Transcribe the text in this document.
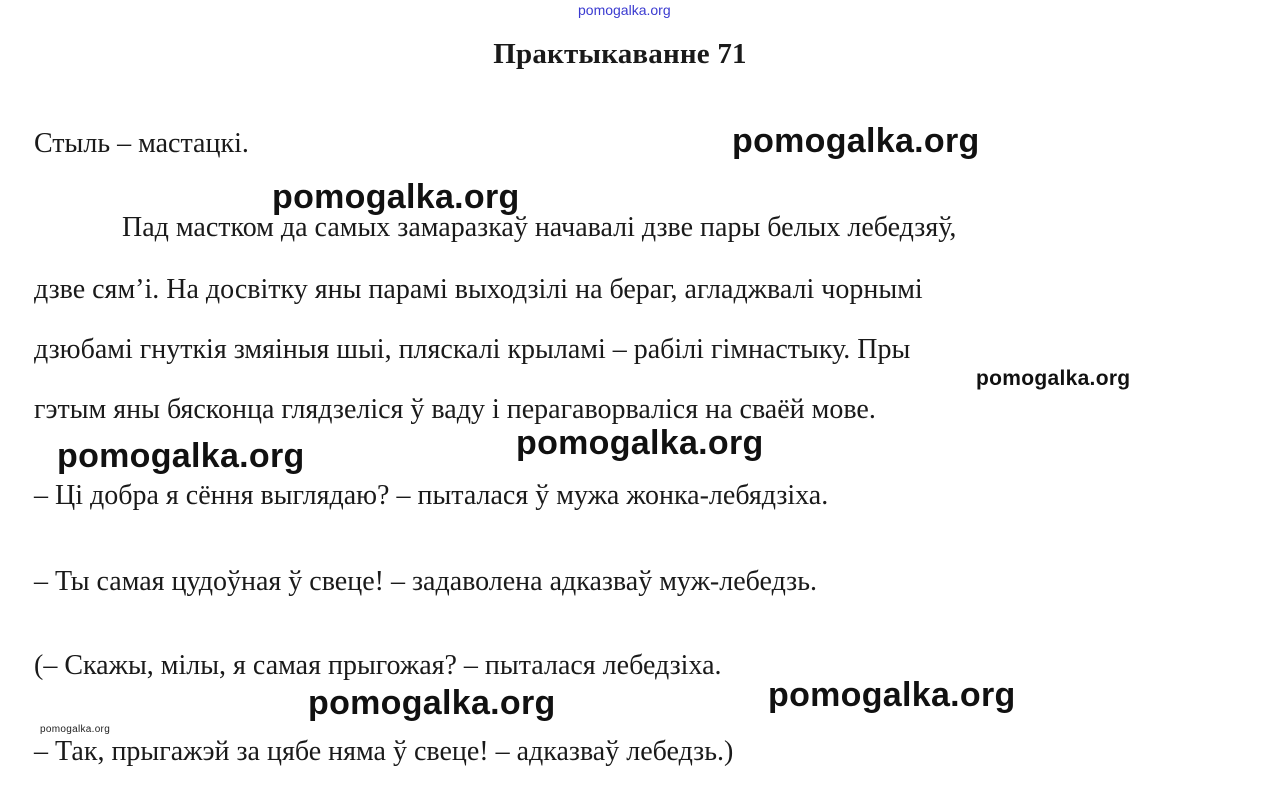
pomogalka.org
Практыкаванне 71
Стыль – мастацкі.
Пад мастком да самых замаразкаў начавалі дзве пары белых лебедзяў,
дзве сям’і. На досвітку яны парамі выходзілі на бераг, агладжвалі чорнымі
дзюбамі гнуткія змяіныя шыі, пляскалі крыламі – рабілі гімнастыку. Пры
гэтым яны бясконца глядзеліся ў ваду і перагаворваліся на сваёй мове.
– Ці добра я сёння выглядаю? – пыталася ў мужа жонка-лебядзіха.
– Ты самая цудоўная ў свеце! – задаволена адказваў муж-лебедзь.
(– Скажы, мілы, я самая прыгожая? – пыталася лебедзіха.
– Так, прыгажэй за цябе няма ў свеце! – адказваў лебедзь.)
pomogalka.org
pomogalka.org
pomogalka.org
pomogalka.org
pomogalka.org
pomogalka.org
pomogalka.org
pomogalka.org
